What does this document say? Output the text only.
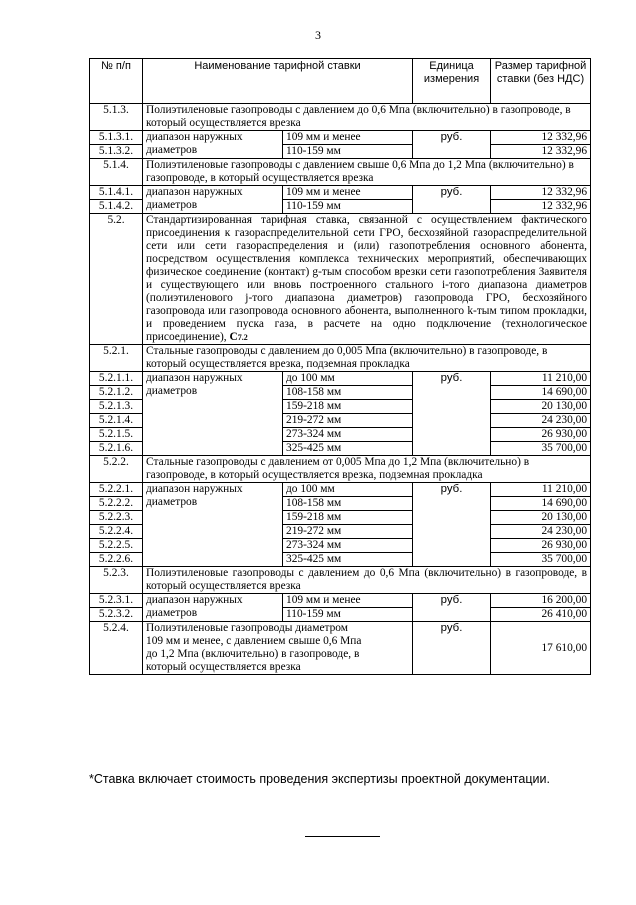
3
№ п/п	Наименование тарифной ставки		Единица измерения	Размер тарифной ставки (без НДС)
5.1.3.	Полиэтиленовые газопроводы с давлением до 0,6 Мпа (включительно) в газопроводе, в который осуществляется врезка			
5.1.3.1.	диапазон наружных диаметров	109 мм и менее	руб.	12 332,96
5.1.3.2.		110-159 мм		12 332,96
5.1.4.	Полиэтиленовые газопроводы с давлением свыше 0,6 Мпа до 1,2 Мпа (включительно) в газопроводе, в который осуществляется врезка			
5.1.4.1.	диапазон наружных диаметров	109 мм и менее	руб.	12 332,96
5.1.4.2.		110-159 мм		12 332,96
5.2.	Стандартизированная тарифная ставка, связанной с осуществлением фактического присоединения к газораспределительной сети ГРО, бесхозяйной газораспределительной сети или сети газораспределения и (или) газопотребления основного абонента, посредством осуществления комплекса технических мероприятий, обеспечивающих физическое соединение (контакт) g-тым способом врезки сети газопотребления Заявителя и существующего или вновь построенного стального i-того диапазона диаметров (полиэтиленового j-того диапазона диаметров) газопровода ГРО, бесхозяйного газопровода или газопровода основного абонента, выполненного k-тым типом прокладки, и проведением пуска газа, в расчете на одно подключение (технологическое присоединение), C7.2			
5.2.1.	Стальные газопроводы с давлением до 0,005 Мпа (включительно) в газопроводе, в который осуществляется врезка, подземная прокладка			
5.2.1.1.	диапазон наружных диаметров	до 100 мм	руб.	11 210,00
5.2.1.2.		108-158 мм		14 690,00
5.2.1.3.		159-218 мм		20 130,00
5.2.1.4.		219-272 мм		24 230,00
5.2.1.5.		273-324 мм		26 930,00
5.2.1.6.		325-425 мм		35 700,00
5.2.2.	Стальные газопроводы с давлением от 0,005 Мпа до 1,2 Мпа (включительно) в газопроводе, в который осуществляется врезка, подземная прокладка			
5.2.2.1.	диапазон наружных диаметров	до 100 мм	руб.	11 210,00
5.2.2.2.		108-158 мм		14 690,00
5.2.2.3.		159-218 мм		20 130,00
5.2.2.4.		219-272 мм		24 230,00
5.2.2.5.		273-324 мм		26 930,00
5.2.2.6.		325-425 мм		35 700,00
5.2.3.	Полиэтиленовые газопроводы с давлением до 0,6 Мпа (включительно) в газопроводе, в который осуществляется врезка			
5.2.3.1.	диапазон наружных диаметров	109 мм и менее	руб.	16 200,00
5.2.3.2.		110-159 мм		26 410,00
5.2.4.	Полиэтиленовые газопроводы диаметром 109 мм и менее, с давлением свыше 0,6 Мпа до 1,2 Мпа (включительно) в газопроводе, в который осуществляется врезка		руб.	17 610,00
*Ставка включает стоимость проведения экспертизы проектной документации.
